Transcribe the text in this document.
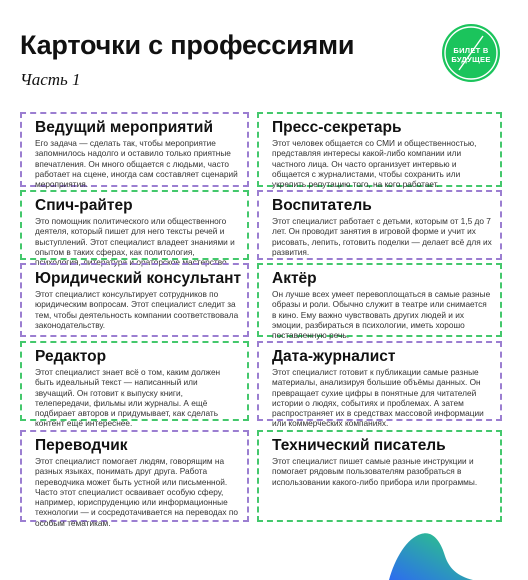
Карточки с профессиями
Часть 1
БИЛЕТ В
БУДУЩЕЕ
Ведущий мероприятий

Его задача — сделать так, чтобы мероприятие запомнилось надолго и оставило только приятные впечатления. Он много общается с людьми, часто работает на сцене, иногда сам составляет сценарий мероприятия.

Пресс-секретарь

Этот человек общается со СМИ и общественностью, представляя интересы какой-либо компании или частного лица. Он часто организует интервью и общается с журналистами, чтобы сохранить или укрепить репутацию того, на кого работает.

Спич-райтер

Это помощник политического или общественного деятеля, который пишет для него тексты речей и выступлений. Этот специалист владеет знаниями и опытом в таких сферах, как политология, психология, литература и ораторское мастерство.

Воспитатель

Этот специалист работает с детьми, которым от 1,5 до 7 лет. Он проводит занятия в игровой форме и учит их рисовать, лепить, готовить поделки — делает всё для их развития.

Юридический консультант

Этот специалист консультирует сотрудников по юридическим вопросам. Этот специалист следит за тем, чтобы деятельность компании соответствовала законодательству.

Актёр

Он лучше всех умеет перевоплощаться в самые разные образы и роли. Обычно служит в театре или снимается в кино. Ему важно чувствовать других людей и их эмоции, разбираться в психологии, иметь хорошо поставленную речь.

Редактор

Этот специалист знает всё о том, каким должен быть идеальный текст — написанный или звучащий. Он готовит к выпуску книги, телепередачи, фильмы или журналы. А ещё подбирает авторов и придумывает, как сделать контент ещё интереснее.

Дата-журналист

Этот специалист готовит к публикации самые разные материалы, анализируя большие объёмы данных. Он превращает сухие цифры в понятные для читателей истории о людях, событиях и проблемах. А затем распространяет их в средствах массовой информации или коммерческих компаниях.

Переводчик

Этот специалист помогает людям, говорящим на разных языках, понимать друг друга. Работа переводчика может быть устной или письменной. Часто этот специалист осваивает особую сферу, например, юриспруденцию или информационные технологии — и сосредотачивается на переводах по особым тематикам.

Технический писатель

Этот специалист пишет самые разные инструкции и помогает рядовым пользователям разобраться в использовании какого-либо прибора или программы.
